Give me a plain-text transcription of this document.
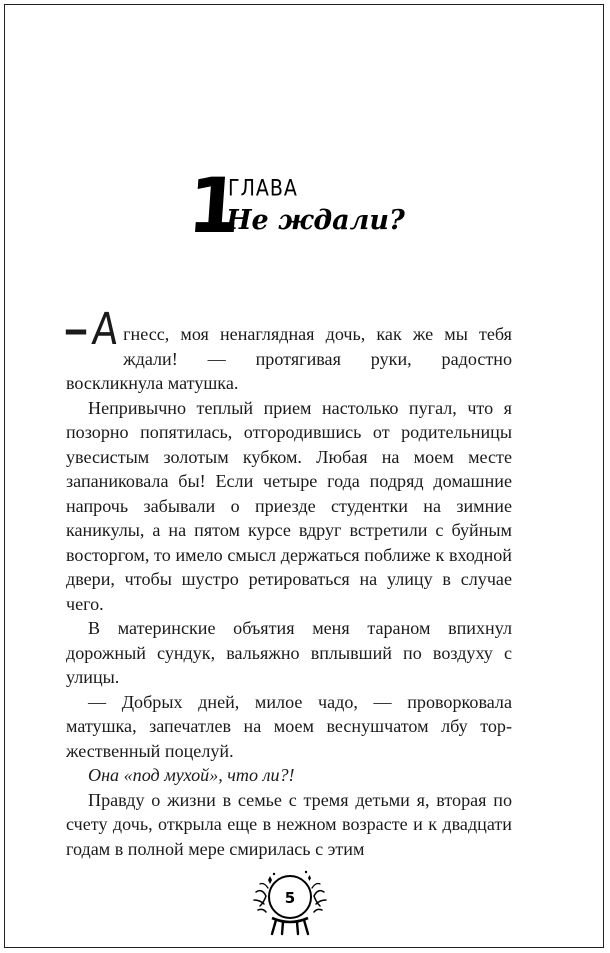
1
ГЛАВА
Не ждали?

– А гнесс, моя ненаглядная дочь, как же мы тебя ждали! — протягивая руки, радостно воскликнула матушка.

Непривычно теплый прием настолько пугал, что я позорно попятилась, отгородившись от родительницы увесистым золотым кубком. Любая на моем месте запаниковала бы! Если четыре года подряд домашние напрочь забывали о приезде студентки на зимние каникулы, а на пятом курсе вдруг встретили с буйным восторгом, то имело смысл держаться поближе к входной двери, чтобы шустро ретироваться на улицу в случае чего.

В материнские объятия меня тараном впихнул дорожный сундук, вальяжно вплывший по воздуху с улицы.

— Добрых дней, милое чадо, — проворковала матушка, запечатлев на моем веснушчатом лбу торжественный поцелуй.

Она «под мухой», что ли?!

Правду о жизни в семье с тремя детьми я, вторая по счету дочь, открыла еще в нежном возрасте и к двадцати годам в полной мере смирилась с этим

5
